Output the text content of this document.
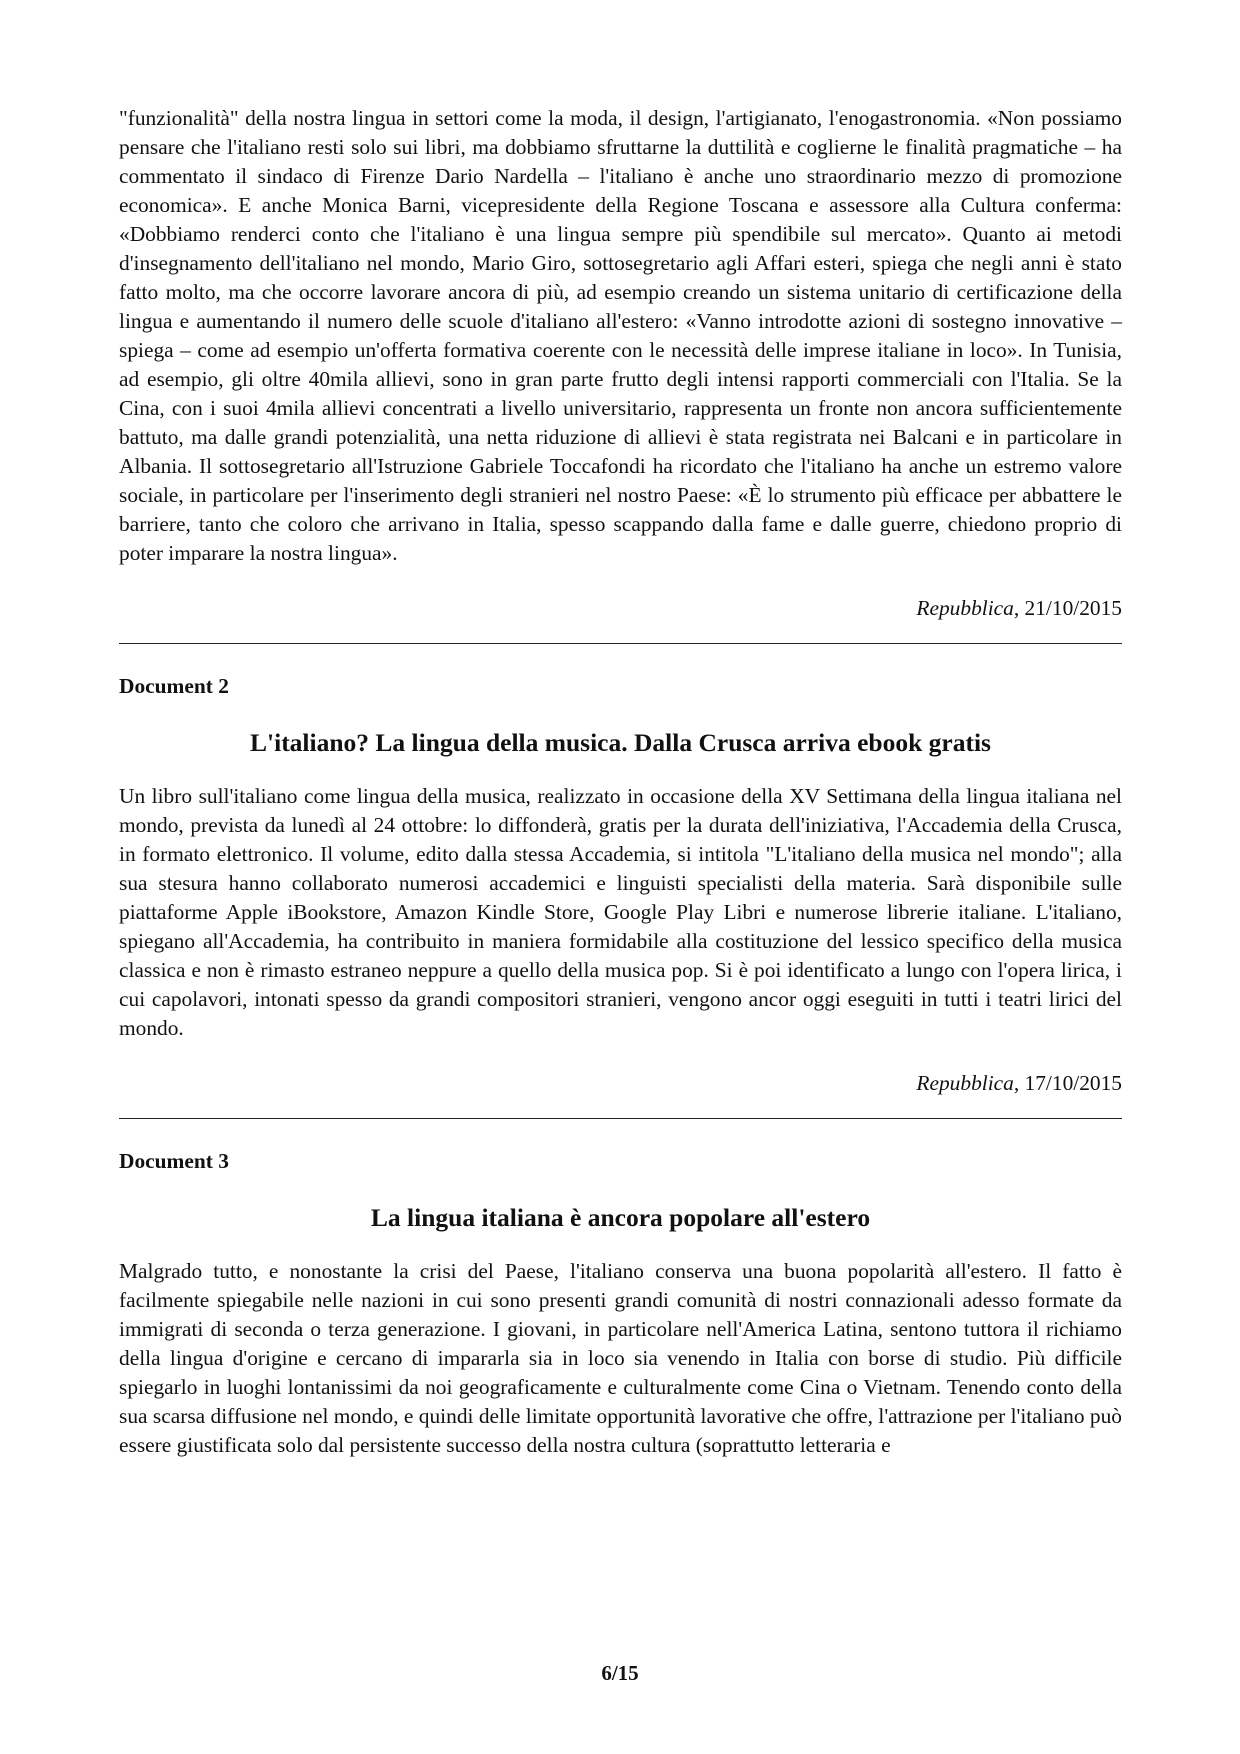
"funzionalità" della nostra lingua in settori come la moda, il design, l'artigianato, l'enogastronomia. «Non possiamo pensare che l'italiano resti solo sui libri, ma dobbiamo sfruttarne la duttilità e coglierne le finalità pragmatiche – ha commentato il sindaco di Firenze Dario Nardella – l'italiano è anche uno straordinario mezzo di promozione economica». E anche Monica Barni, vicepresidente della Regione Toscana e assessore alla Cultura conferma: «Dobbiamo renderci conto che l'italiano è una lingua sempre più spendibile sul mercato». Quanto ai metodi d'insegnamento dell'italiano nel mondo, Mario Giro, sottosegretario agli Affari esteri, spiega che negli anni è stato fatto molto, ma che occorre lavorare ancora di più, ad esempio creando un sistema unitario di certificazione della lingua e aumentando il numero delle scuole d'italiano all'estero: «Vanno introdotte azioni di sostegno innovative – spiega – come ad esempio un'offerta formativa coerente con le necessità delle imprese italiane in loco». In Tunisia, ad esempio, gli oltre 40mila allievi, sono in gran parte frutto degli intensi rapporti commerciali con l'Italia. Se la Cina, con i suoi 4mila allievi concentrati a livello universitario, rappresenta un fronte non ancora sufficientemente battuto, ma dalle grandi potenzialità, una netta riduzione di allievi è stata registrata nei Balcani e in particolare in Albania. Il sottosegretario all'Istruzione Gabriele Toccafondi ha ricordato che l'italiano ha anche un estremo valore sociale, in particolare per l'inserimento degli stranieri nel nostro Paese: «È lo strumento più efficace per abbattere le barriere, tanto che coloro che arrivano in Italia, spesso scappando dalla fame e dalle guerre, chiedono proprio di poter imparare la nostra lingua».

Repubblica, 21/10/2015
Document 2
L'italiano? La lingua della musica. Dalla Crusca arriva ebook gratis

Un libro sull'italiano come lingua della musica, realizzato in occasione della XV Settimana della lingua italiana nel mondo, prevista da lunedì al 24 ottobre: lo diffonderà, gratis per la durata dell'iniziativa, l'Accademia della Crusca, in formato elettronico. Il volume, edito dalla stessa Accademia, si intitola "L'italiano della musica nel mondo"; alla sua stesura hanno collaborato numerosi accademici e linguisti specialisti della materia. Sarà disponibile sulle piattaforme Apple iBookstore, Amazon Kindle Store, Google Play Libri e numerose librerie italiane. L'italiano, spiegano all'Accademia, ha contribuito in maniera formidabile alla costituzione del lessico specifico della musica classica e non è rimasto estraneo neppure a quello della musica pop. Si è poi identificato a lungo con l'opera lirica, i cui capolavori, intonati spesso da grandi compositori stranieri, vengono ancor oggi eseguiti in tutti i teatri lirici del mondo.

Repubblica, 17/10/2015
Document 3
La lingua italiana è ancora popolare all'estero

Malgrado tutto, e nonostante la crisi del Paese, l'italiano conserva una buona popolarità all'estero. Il fatto è facilmente spiegabile nelle nazioni in cui sono presenti grandi comunità di nostri connazionali adesso formate da immigrati di seconda o terza generazione. I giovani, in particolare nell'America Latina, sentono tuttora il richiamo della lingua d'origine e cercano di impararla sia in loco sia venendo in Italia con borse di studio. Più difficile spiegarlo in luoghi lontanissimi da noi geograficamente e culturalmente come Cina o Vietnam. Tenendo conto della sua scarsa diffusione nel mondo, e quindi delle limitate opportunità lavorative che offre, l'attrazione per l'italiano può essere giustificata solo dal persistente successo della nostra cultura (soprattutto letteraria e

6/15
